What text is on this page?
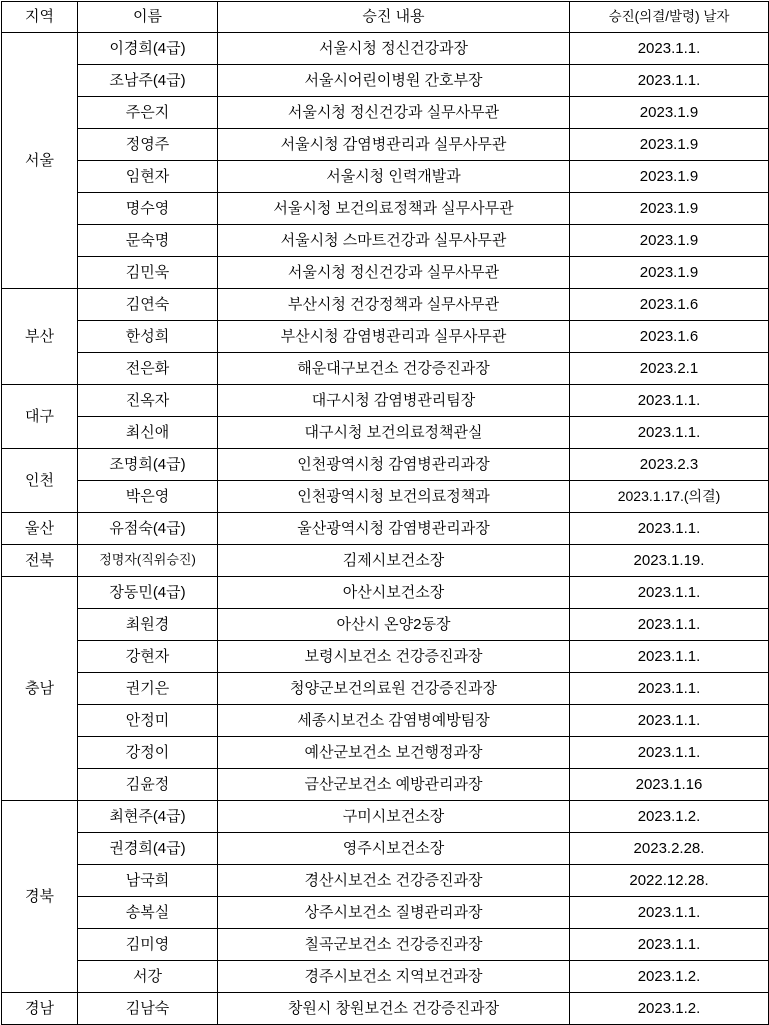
지역	이름	승진 내용	승진(의결/발령) 날자
서울	이경희(4급)	서울시청 정신건강과장	2023.1.1.
	조남주(4급)	서울시어린이병원 간호부장	2023.1.1.
	주은지	서울시청 정신건강과 실무사무관	2023.1.9
	정영주	서울시청 감염병관리과 실무사무관	2023.1.9
	임현자	서울시청 인력개발과	2023.1.9
	명수영	서울시청 보건의료정책과 실무사무관	2023.1.9
	문숙명	서울시청 스마트건강과 실무사무관	2023.1.9
	김민욱	서울시청 정신건강과 실무사무관	2023.1.9
부산	김연숙	부산시청 건강정책과 실무사무관	2023.1.6
	한성희	부산시청 감염병관리과 실무사무관	2023.1.6
	전은화	해운대구보건소 건강증진과장	2023.2.1
대구	진옥자	대구시청 감염병관리팀장	2023.1.1.
	최신애	대구시청 보건의료정책관실	2023.1.1.
인천	조명희(4급)	인천광역시청 감염병관리과장	2023.2.3
	박은영	인천광역시청 보건의료정책과	2023.1.17.(의결)
울산	유점숙(4급)	울산광역시청 감염병관리과장	2023.1.1.
전북	정명자(직위승진)	김제시보건소장	2023.1.19.
충남	장동민(4급)	아산시보건소장	2023.1.1.
	최원경	아산시 온양2동장	2023.1.1.
	강현자	보령시보건소 건강증진과장	2023.1.1.
	권기은	청양군보건의료원 건강증진과장	2023.1.1.
	안정미	세종시보건소 감염병예방팀장	2023.1.1.
	강정이	예산군보건소 보건행정과장	2023.1.1.
	김윤정	금산군보건소 예방관리과장	2023.1.16
경북	최현주(4급)	구미시보건소장	2023.1.2.
	권경희(4급)	영주시보건소장	2023.2.28.
	남국희	경산시보건소 건강증진과장	2022.12.28.
	송복실	상주시보건소 질병관리과장	2023.1.1.
	김미영	칠곡군보건소 건강증진과장	2023.1.1.
	서강	경주시보건소 지역보건과장	2023.1.2.
경남	김남숙	창원시 창원보건소 건강증진과장	2023.1.2.
